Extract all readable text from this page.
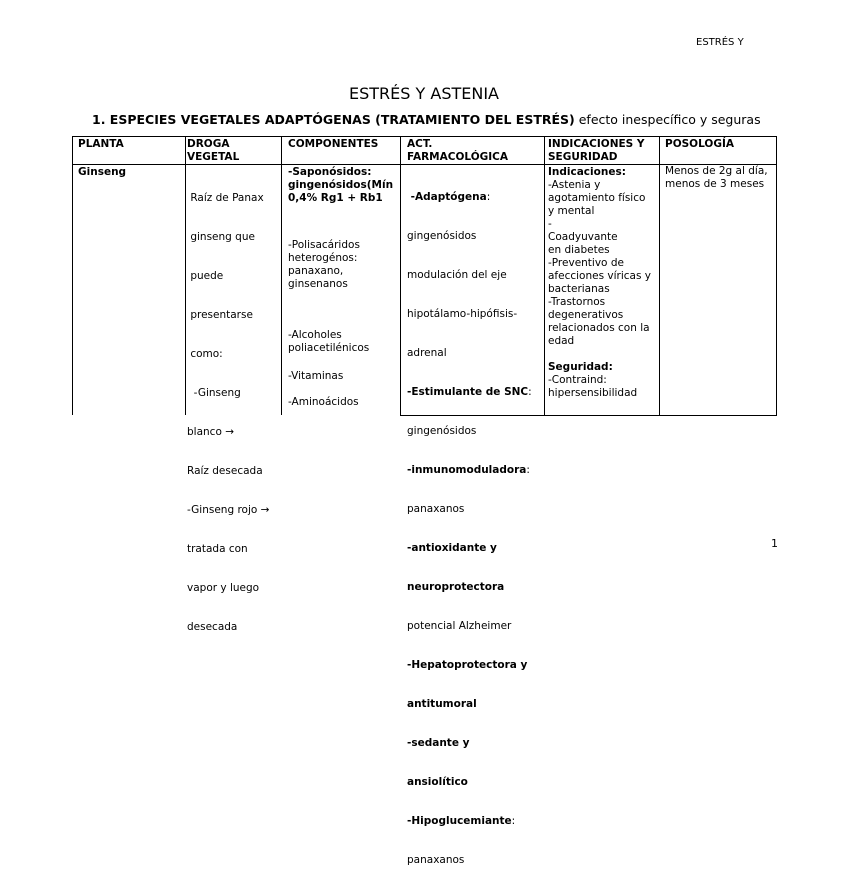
ESTRÉS Y
ESTRÉS Y ASTENIA
1. ESPECIES VEGETALES ADAPTÓGENAS (TRATAMIENTO DEL ESTRÉS) efecto inespecífico y seguras
PLANTA	DROGA
VEGETAL
COMPONENTES	ACT.
FARMACOLÓGICA
INDICACIONES Y
SEGURIDAD
POSOLOGÍA
Ginseng

Raíz de Panax

ginseng que

puede

presentarse

como:

-Ginseng

blanco →

Raíz desecada

-Ginseng rojo →

tratada con

vapor y luego

desecada

-Saponósidos:
gingenósidos(Mín
0,4% Rg1 + Rb1
-Polisacáridos
heterogénos:
panaxano,
ginsenanos
-Alcoholes
poliacetilénicos
-Vitaminas
-Aminoácidos

-Adaptógena:

gingenósidos

modulación del eje

hipotálamo-hipófisis-

adrenal

-Estimulante de SNC:

gingenósidos

-inmunomoduladora:

panaxanos

-antioxidante y

neuroprotectora

potencial Alzheimer

-Hepatoprotectora y

antitumoral

-sedante y

ansiolítico

-Hipoglucemiante:

panaxanos

Indicaciones:
-Astenia y
agotamiento físico
y mental
-
Coadyuvante
en diabetes
-Preventivo de
afecciones víricas y
bacterianas
-Trastornos
degenerativos
relacionados con la
edad

Seguridad:
-Contraind:
hipersensibilidad
Menos de 2g al día,
menos de 3 meses
1
